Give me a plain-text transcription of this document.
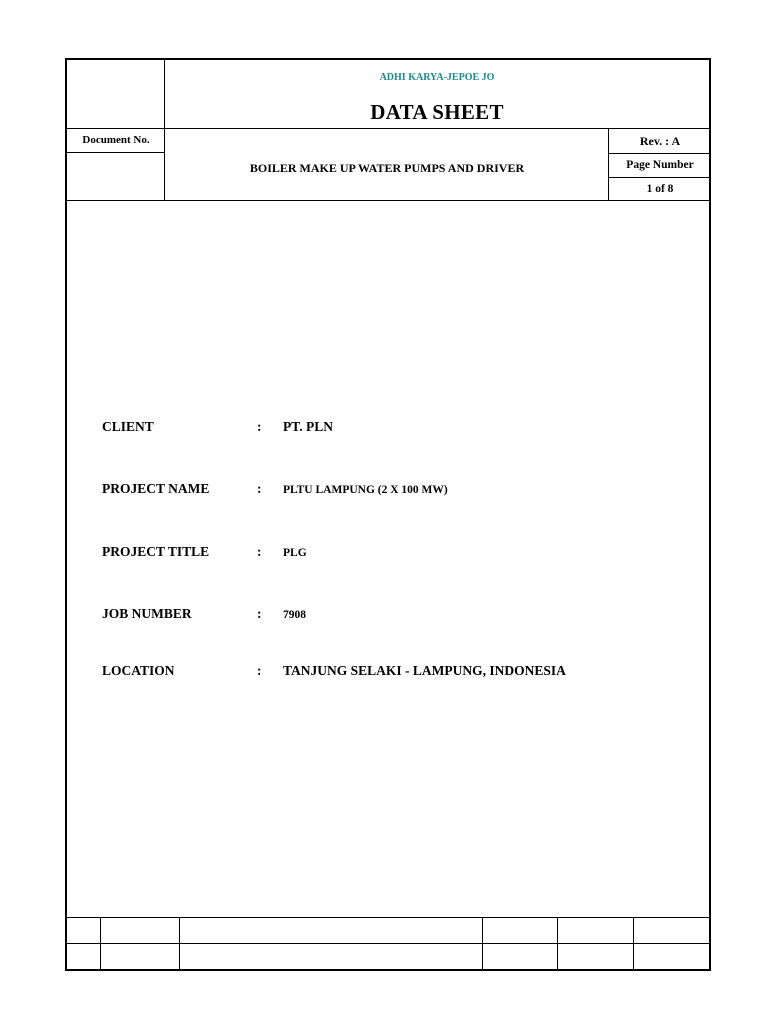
ADHI KARYA-JEPOE JO
DATA SHEET
Document No.
BOILER MAKE UP WATER PUMPS AND DRIVER
Rev. : A
Page Number
1 of 8
CLIENT	: PT. PLN
PROJECT NAME	: PLTU LAMPUNG (2 X 100 MW)
PROJECT TITLE	: PLG
JOB NUMBER	: 7908
LOCATION	: TANJUNG SELAKI - LAMPUNG, INDONESIA
